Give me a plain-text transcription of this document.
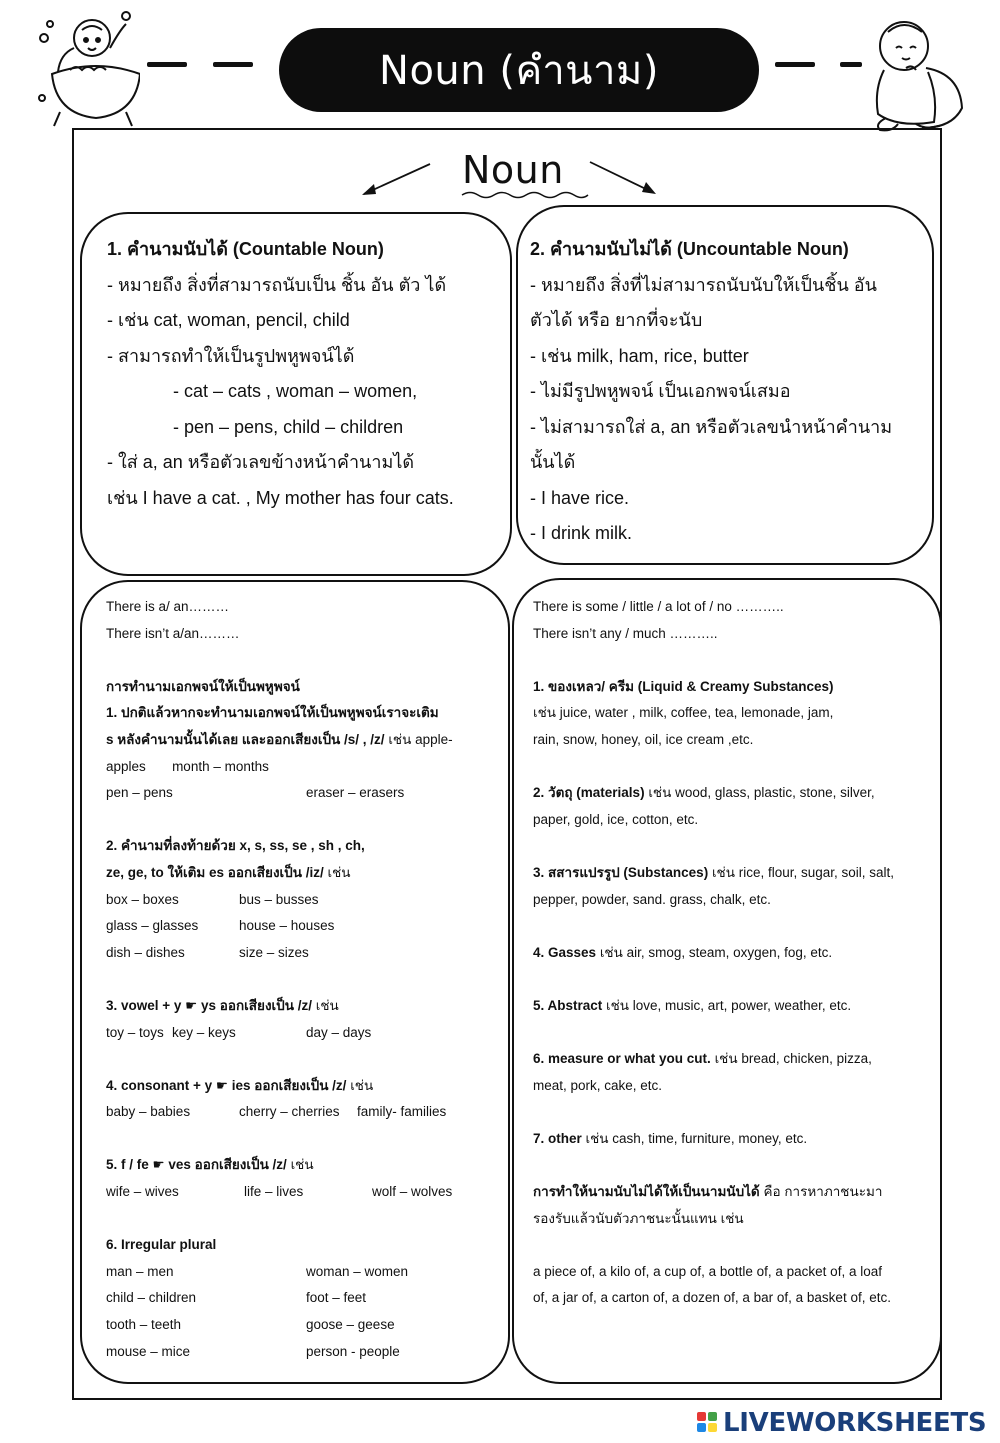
Noun (คำนาม)
Noun
1. คำนามนับได้ (Countable Noun)
- หมายถึง สิ่งที่สามารถนับเป็น ชิ้น อัน ตัว ได้
- เช่น cat, woman, pencil, child
- สามารถทำให้เป็นรูปพหูพจน์ได้
- cat – cats , woman – women,
- pen – pens, child – children
- ใส่ a, an หรือตัวเลขข้างหน้าคำนามได้
เช่น I have a cat. , My mother has four cats.
2. คำนามนับไม่ได้ (Uncountable Noun)
- หมายถึง สิ่งที่ไม่สามารถนับนับให้เป็นชิ้น อัน
ตัวได้ หรือ ยากที่จะนับ
- เช่น milk, ham, rice, butter
- ไม่มีรูปพหูพจน์ เป็นเอกพจน์เสมอ
- ไม่สามารถใส่ a, an หรือตัวเลขนำหน้าคำนาม
นั้นได้
- I have rice.
- I drink milk.
There is a/ an………
There isn’t a/an………
การทำนามเอกพจน์ให้เป็นพหูพจน์
1. ปกติแล้วหากจะทำนามเอกพจน์ให้เป็นพหูพจน์เราจะเติม
s หลังคำนามนั้นได้เลย และออกเสียงเป็น /s/ , /z/ เช่น apple-
apples month – months
pen – pens	eraser – erasers
2. คำนามที่ลงท้ายด้วย x, s, ss, se , sh , ch,
ze, ge, to ให้เติม es ออกเสียงเป็น /iz/ เช่น
box – boxes	bus – busses
glass – glasses	house – houses
dish – dishes	size – sizes
3. vowel + y ☛ ys ออกเสียงเป็น /z/ เช่น
toy – toys key – keys	day – days
4. consonant + y ☛ ies ออกเสียงเป็น /z/ เช่น
baby – babies	cherry – cherries	family- families
5. f / fe ☛ ves ออกเสียงเป็น /z/ เช่น
wife – wives	life – lives	wolf – wolves
6. Irregular plural
man – men	woman – women
child – children	foot – feet
tooth – teeth	goose – geese
mouse – mice	person - people
There is some / little / a lot of / no ………..
There isn’t any / much ………..
1. ของเหลว/ ครีม (Liquid & Creamy Substances)
เช่น juice, water , milk, coffee, tea, lemonade, jam,
rain, snow, honey, oil, ice cream ,etc.
2. วัตถุ (materials) เช่น wood, glass, plastic, stone, silver,
paper, gold, ice, cotton, etc.
3. สสารแปรรูป (Substances) เช่น rice, flour, sugar, soil, salt,
pepper, powder, sand. grass, chalk, etc.
4. Gasses เช่น air, smog, steam, oxygen, fog, etc.
5. Abstract เช่น love, music, art, power, weather, etc.
6. measure or what you cut. เช่น bread, chicken, pizza,
meat, pork, cake, etc.
7. other เช่น cash, time, furniture, money, etc.
การทำให้นามนับไม่ได้ให้เป็นนามนับได้ คือ การหาภาชนะมา
รองรับแล้วนับตัวภาชนะนั้นแทน เช่น
a piece of, a kilo of, a cup of, a bottle of, a packet of, a loaf
of, a jar of, a carton of, a dozen of, a bar of, a basket of, etc.
LIVEWORKSHEETS
